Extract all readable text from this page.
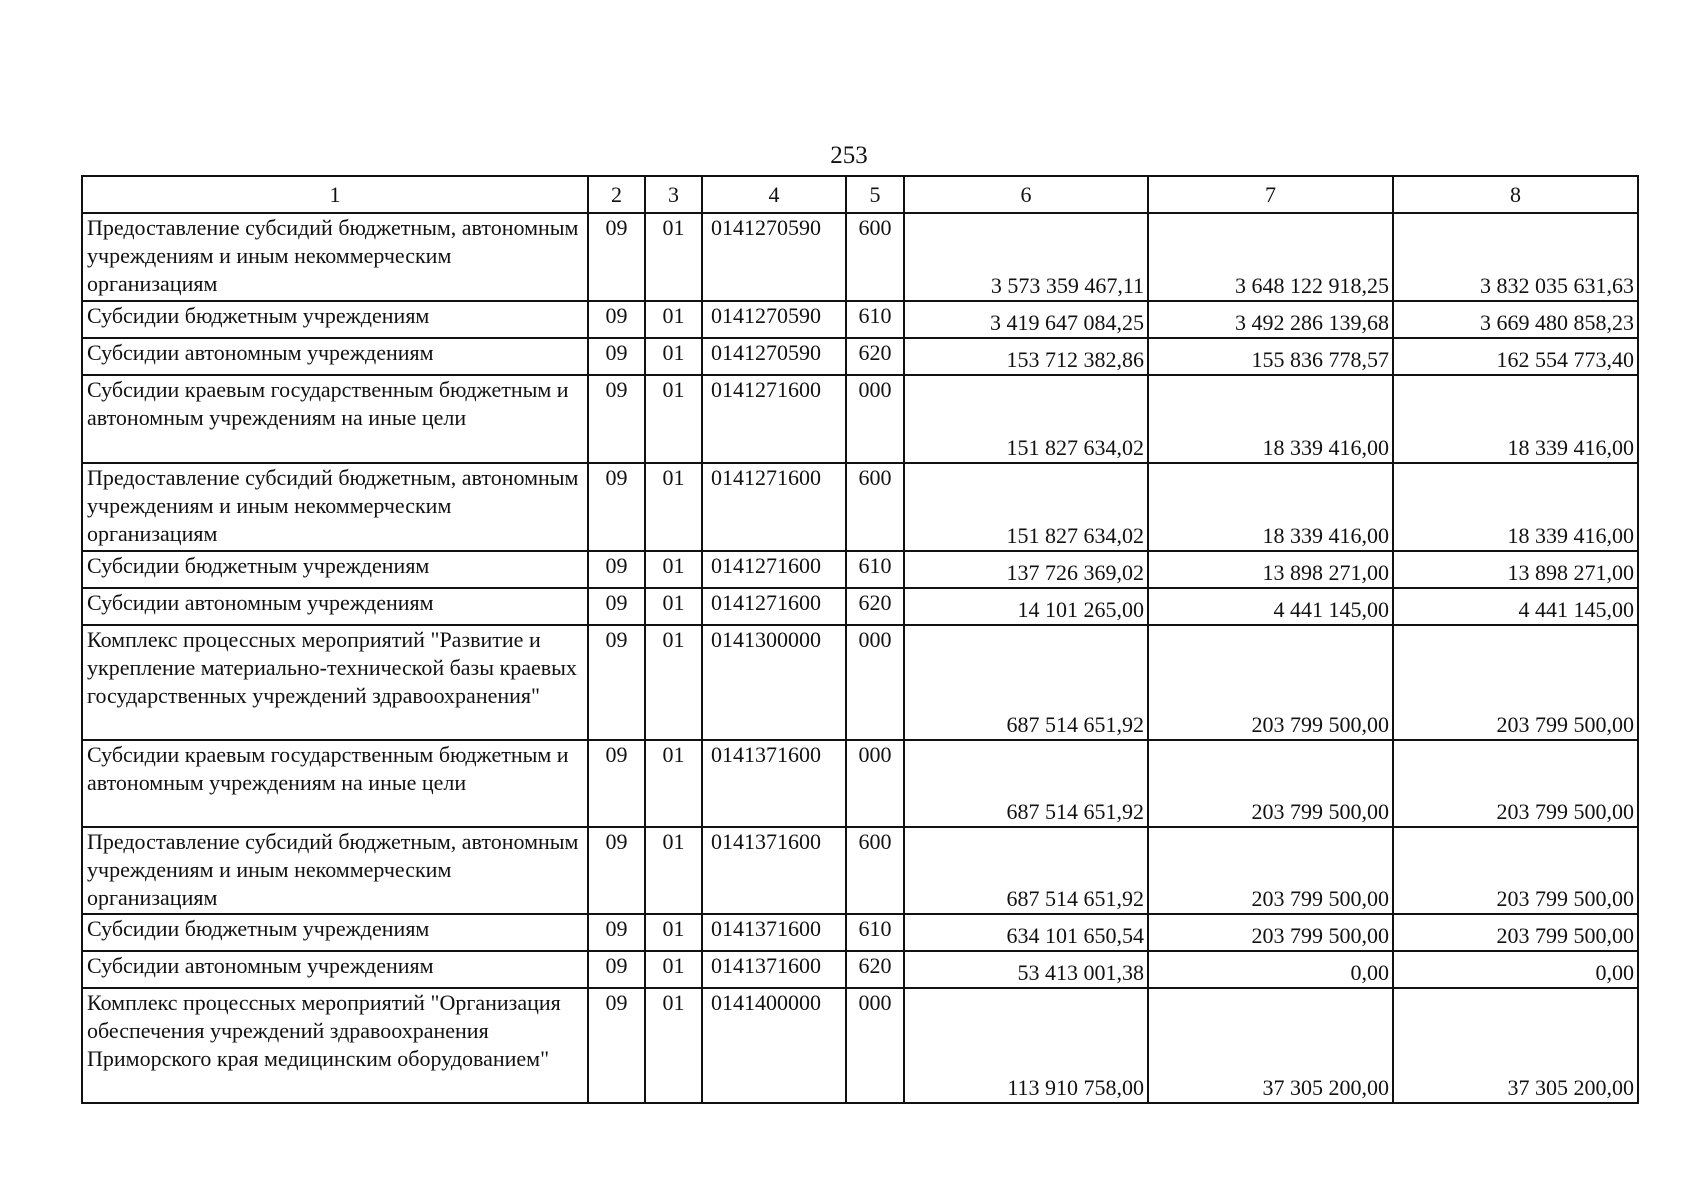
253
1	2	3	4	5	6	7	8
Предоставление субсидий бюджетным, автономным учреждениям и иным некоммерческим организациям	09	01	0141270590	600	3 573 359 467,11	3 648 122 918,25	3 832 035 631,63
Субсидии бюджетным учреждениям	09	01	0141270590	610	3 419 647 084,25	3 492 286 139,68	3 669 480 858,23
Субсидии автономным учреждениям	09	01	0141270590	620	153 712 382,86	155 836 778,57	162 554 773,40
Субсидии краевым государственным бюджетным и автономным учреждениям на иные цели	09	01	0141271600	000	151 827 634,02	18 339 416,00	18 339 416,00
Предоставление субсидий бюджетным, автономным учреждениям и иным некоммерческим организациям	09	01	0141271600	600	151 827 634,02	18 339 416,00	18 339 416,00
Субсидии бюджетным учреждениям	09	01	0141271600	610	137 726 369,02	13 898 271,00	13 898 271,00
Субсидии автономным учреждениям	09	01	0141271600	620	14 101 265,00	4 441 145,00	4 441 145,00
Комплекс процессных мероприятий "Развитие и укрепление материально-технической базы краевых государственных учреждений здравоохранения"	09	01	0141300000	000	687 514 651,92	203 799 500,00	203 799 500,00
Субсидии краевым государственным бюджетным и автономным учреждениям на иные цели	09	01	0141371600	000	687 514 651,92	203 799 500,00	203 799 500,00
Предоставление субсидий бюджетным, автономным учреждениям и иным некоммерческим организациям	09	01	0141371600	600	687 514 651,92	203 799 500,00	203 799 500,00
Субсидии бюджетным учреждениям	09	01	0141371600	610	634 101 650,54	203 799 500,00	203 799 500,00
Субсидии автономным учреждениям	09	01	0141371600	620	53 413 001,38	0,00	0,00
Комплекс процессных мероприятий "Организация обеспечения учреждений здравоохранения Приморского края медицинским оборудованием"	09	01	0141400000	000	113 910 758,00	37 305 200,00	37 305 200,00
